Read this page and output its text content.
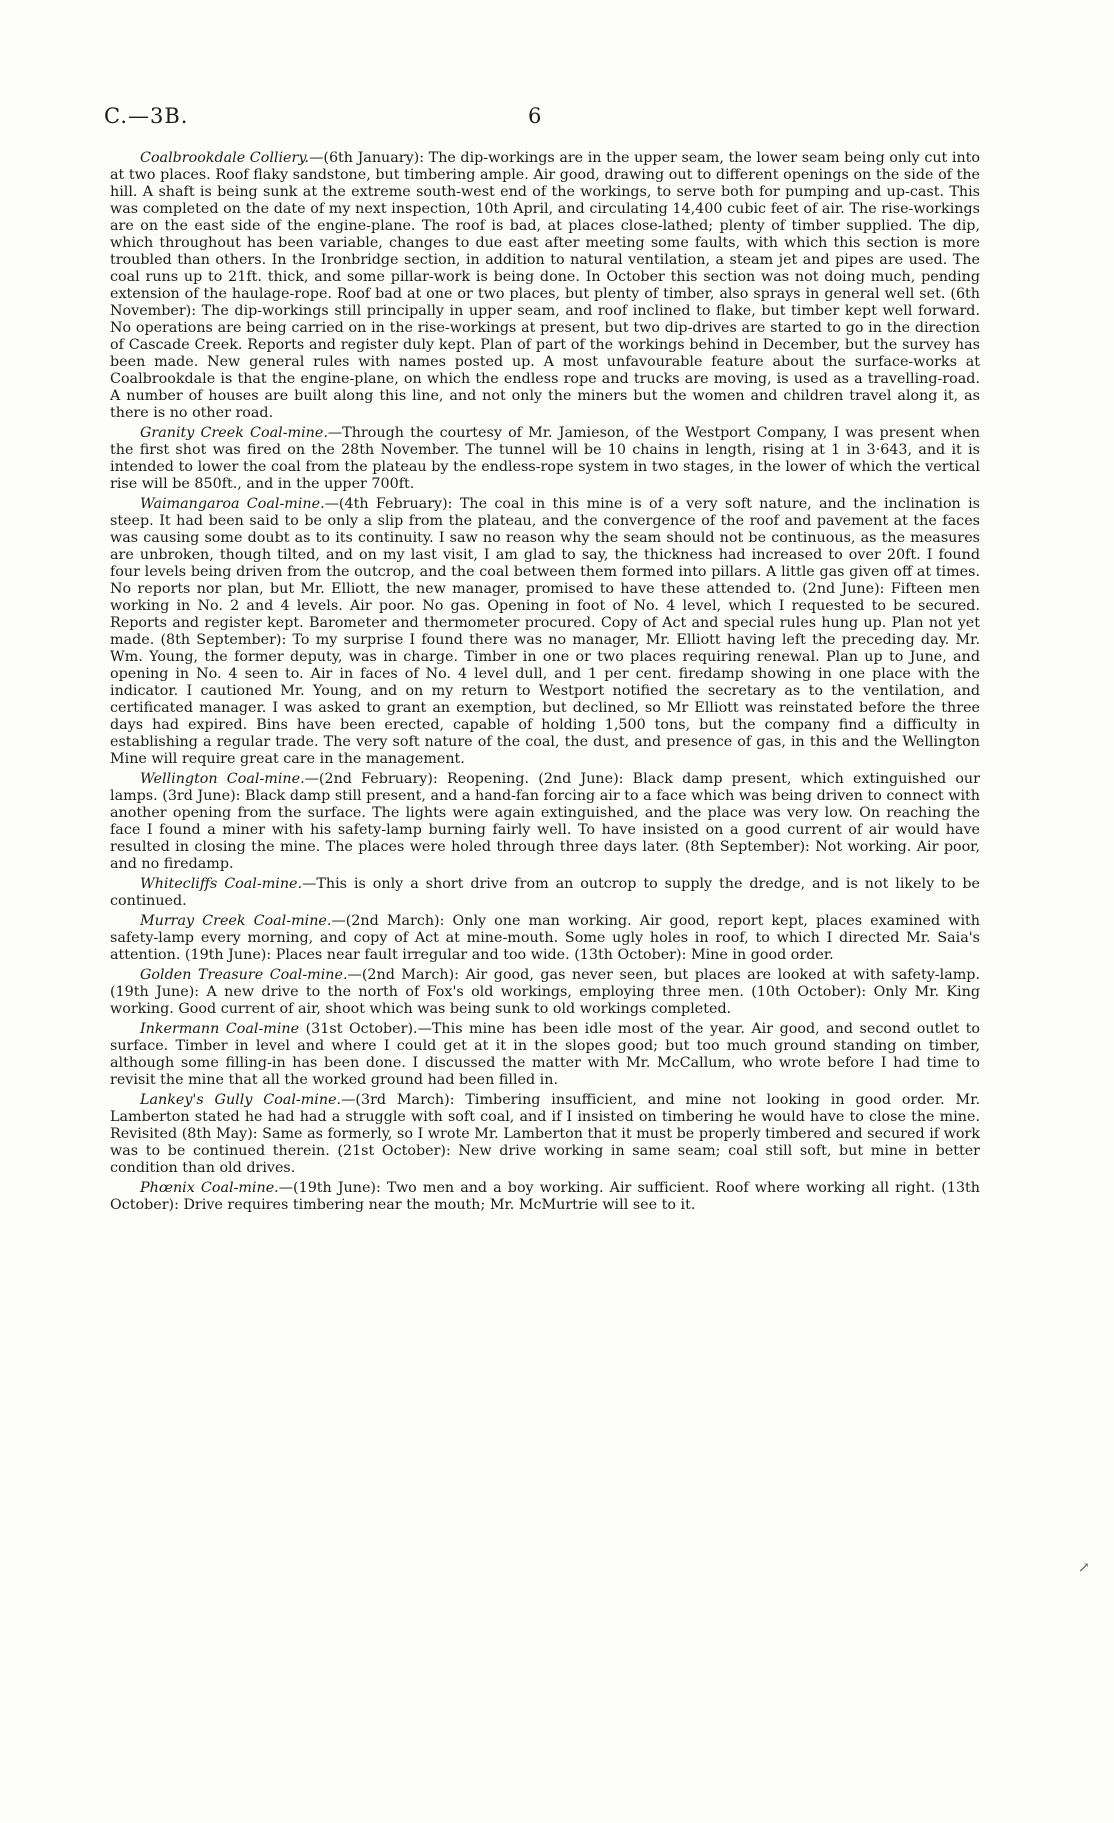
C.—3B.	6

Coalbrookdale Colliery.—(6th January): The dip-workings are in the upper seam, the lower seam being only cut into at two places. Roof flaky sandstone, but timbering ample. Air good, drawing out to different openings on the side of the hill. A shaft is being sunk at the extreme south-west end of the workings, to serve both for pumping and up-cast. This was completed on the date of my next inspection, 10th April, and circulating 14,400 cubic feet of air. The rise-workings are on the east side of the engine-plane. The roof is bad, at places close-lathed; plenty of timber supplied. The dip, which throughout has been variable, changes to due east after meeting some faults, with which this section is more troubled than others. In the Ironbridge section, in addition to natural ventilation, a steam jet and pipes are used. The coal runs up to 21ft. thick, and some pillar-work is being done. In October this section was not doing much, pending extension of the haulage-rope. Roof bad at one or two places, but plenty of timber, also sprays in general well set. (6th November): The dip-workings still principally in upper seam, and roof inclined to flake, but timber kept well forward. No operations are being carried on in the rise-workings at present, but two dip-drives are started to go in the direction of Cascade Creek. Reports and register duly kept. Plan of part of the workings behind in December, but the survey has been made. New general rules with names posted up. A most unfavourable feature about the surface-works at Coalbrookdale is that the engine-plane, on which the endless rope and trucks are moving, is used as a travelling-road. A number of houses are built along this line, and not only the miners but the women and children travel along it, as there is no other road.

Granity Creek Coal-mine.—Through the courtesy of Mr. Jamieson, of the Westport Company, I was present when the first shot was fired on the 28th November. The tunnel will be 10 chains in length, rising at 1 in 3·643, and it is intended to lower the coal from the plateau by the endless-rope system in two stages, in the lower of which the vertical rise will be 850ft., and in the upper 700ft.

Waimangaroa Coal-mine.—(4th February): The coal in this mine is of a very soft nature, and the inclination is steep. It had been said to be only a slip from the plateau, and the convergence of the roof and pavement at the faces was causing some doubt as to its continuity. I saw no reason why the seam should not be continuous, as the measures are unbroken, though tilted, and on my last visit, I am glad to say, the thickness had increased to over 20ft. I found four levels being driven from the outcrop, and the coal between them formed into pillars. A little gas given off at times. No reports nor plan, but Mr. Elliott, the new manager, promised to have these attended to. (2nd June): Fifteen men working in No. 2 and 4 levels. Air poor. No gas. Opening in foot of No. 4 level, which I requested to be secured. Reports and register kept. Barometer and thermometer procured. Copy of Act and special rules hung up. Plan not yet made. (8th September): To my surprise I found there was no manager, Mr. Elliott having left the preceding day. Mr. Wm. Young, the former deputy, was in charge. Timber in one or two places requiring renewal. Plan up to June, and opening in No. 4 seen to. Air in faces of No. 4 level dull, and 1 per cent. firedamp showing in one place with the indicator. I cautioned Mr. Young, and on my return to Westport notified the secretary as to the ventilation, and certificated manager. I was asked to grant an exemption, but declined, so Mr Elliott was reinstated before the three days had expired. Bins have been erected, capable of holding 1,500 tons, but the company find a difficulty in establishing a regular trade. The very soft nature of the coal, the dust, and presence of gas, in this and the Wellington Mine will require great care in the management.

Wellington Coal-mine.—(2nd February): Reopening. (2nd June): Black damp present, which extinguished our lamps. (3rd June): Black damp still present, and a hand-fan forcing air to a face which was being driven to connect with another opening from the surface. The lights were again extinguished, and the place was very low. On reaching the face I found a miner with his safety-lamp burning fairly well. To have insisted on a good current of air would have resulted in closing the mine. The places were holed through three days later. (8th September): Not working. Air poor, and no firedamp.

Whitecliffs Coal-mine.—This is only a short drive from an outcrop to supply the dredge, and is not likely to be continued.

Murray Creek Coal-mine.—(2nd March): Only one man working. Air good, report kept, places examined with safety-lamp every morning, and copy of Act at mine-mouth. Some ugly holes in roof, to which I directed Mr. Saia's attention. (19th June): Places near fault irregular and too wide. (13th October): Mine in good order.

Golden Treasure Coal-mine.—(2nd March): Air good, gas never seen, but places are looked at with safety-lamp. (19th June): A new drive to the north of Fox's old workings, employing three men. (10th October): Only Mr. King working. Good current of air, shoot which was being sunk to old workings completed.

Inkermann Coal-mine (31st October).—This mine has been idle most of the year. Air good, and second outlet to surface. Timber in level and where I could get at it in the slopes good; but too much ground standing on timber, although some filling-in has been done. I discussed the matter with Mr. McCallum, who wrote before I had time to revisit the mine that all the worked ground had been filled in.

Lankey's Gully Coal-mine.—(3rd March): Timbering insufficient, and mine not looking in good order. Mr. Lamberton stated he had had a struggle with soft coal, and if I insisted on timbering he would have to close the mine. Revisited (8th May): Same as formerly, so I wrote Mr. Lamberton that it must be properly timbered and secured if work was to be continued therein. (21st October): New drive working in same seam; coal still soft, but mine in better condition than old drives.

Phœnix Coal-mine.—(19th June): Two men and a boy working. Air sufficient. Roof where working all right. (13th October): Drive requires timbering near the mouth; Mr. McMurtrie will see to it.

↗
